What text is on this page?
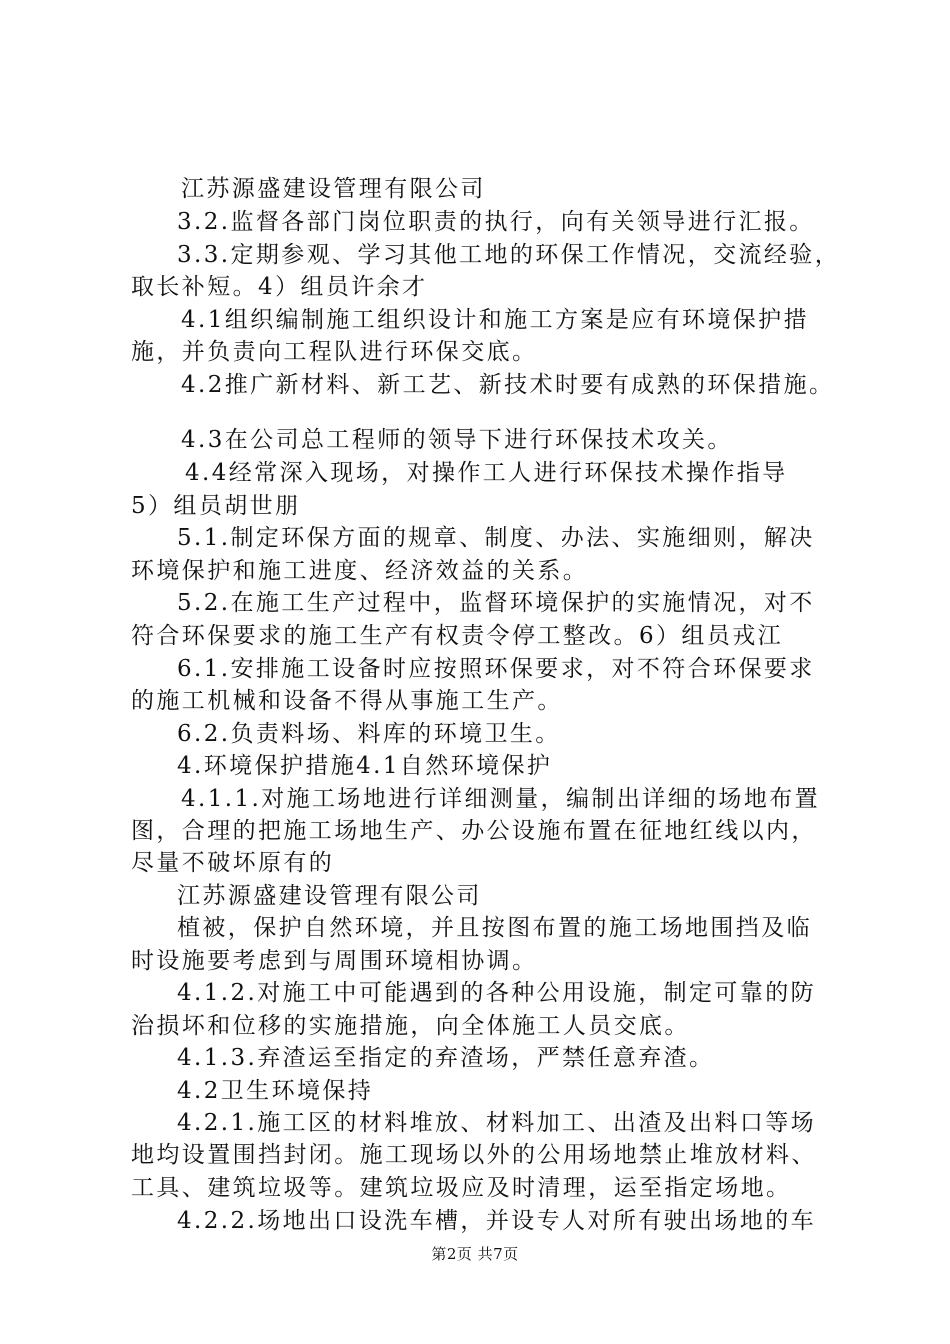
江苏源盛建设管理有限公司
3.2.监督各部门岗位职责的执行，向有关领导进行汇报。
3.3.定期参观、学习其他工地的环保工作情况，交流经验，
取长补短。4）组员许余才
4.1组织编制施工组织设计和施工方案是应有环境保护措
施，并负责向工程队进行环保交底。
4.2推广新材料、新工艺、新技术时要有成熟的环保措施。
4.3在公司总工程师的领导下进行环保技术攻关。
4.4经常深入现场，对操作工人进行环保技术操作指导
5）组员胡世朋
5.1.制定环保方面的规章、制度、办法、实施细则，解决
环境保护和施工进度、经济效益的关系。
5.2.在施工生产过程中，监督环境保护的实施情况，对不
符合环保要求的施工生产有权责令停工整改。6）组员戎江
6.1.安排施工设备时应按照环保要求，对不符合环保要求
的施工机械和设备不得从事施工生产。
6.2.负责料场、料库的环境卫生。
4.环境保护措施4.1自然环境保护
4.1.1.对施工场地进行详细测量，编制出详细的场地布置
图，合理的把施工场地生产、办公设施布置在征地红线以内，
尽量不破坏原有的
江苏源盛建设管理有限公司
植被，保护自然环境，并且按图布置的施工场地围挡及临
时设施要考虑到与周围环境相协调。
4.1.2.对施工中可能遇到的各种公用设施，制定可靠的防
治损坏和位移的实施措施，向全体施工人员交底。
4.1.3.弃渣运至指定的弃渣场，严禁任意弃渣。
4.2卫生环境保持
4.2.1.施工区的材料堆放、材料加工、出渣及出料口等场
地均设置围挡封闭。施工现场以外的公用场地禁止堆放材料、
工具、建筑垃圾等。建筑垃圾应及时清理，运至指定场地。
4.2.2.场地出口设洗车槽，并设专人对所有驶出场地的车
第2页 共7页
